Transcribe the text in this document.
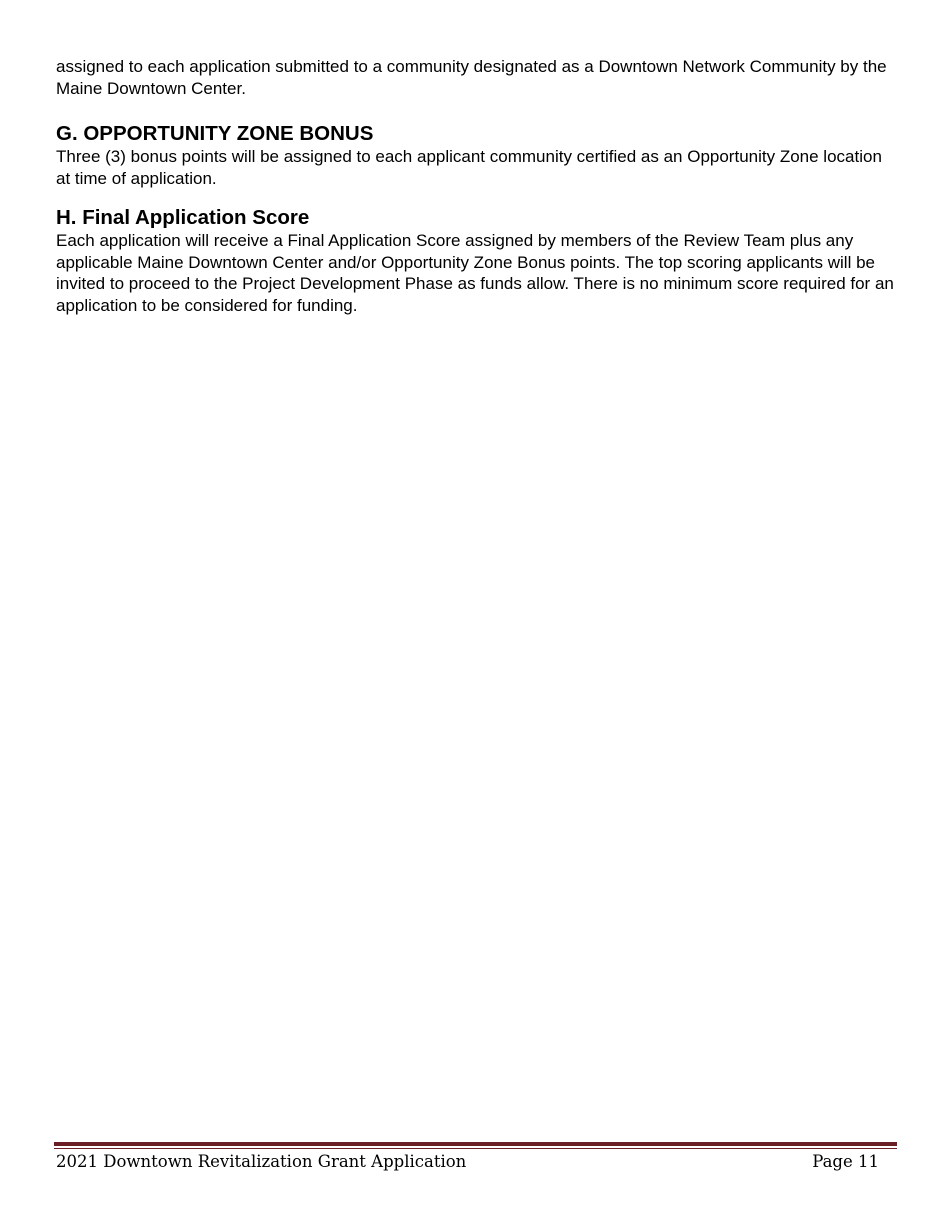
assigned to each application submitted to a community designated as a Downtown Network Community by the Maine Downtown Center.

G. OPPORTUNITY ZONE BONUS

Three (3) bonus points will be assigned to each applicant community certified as an Opportunity Zone location at time of application.

H. Final Application Score

Each application will receive a Final Application Score assigned by members of the Review Team plus any applicable Maine Downtown Center and/or Opportunity Zone Bonus points. The top scoring applicants will be invited to proceed to the Project Development Phase as funds allow. There is no minimum score required for an application to be considered for funding.

2021 Downtown Revitalization Grant Application	Page 11
